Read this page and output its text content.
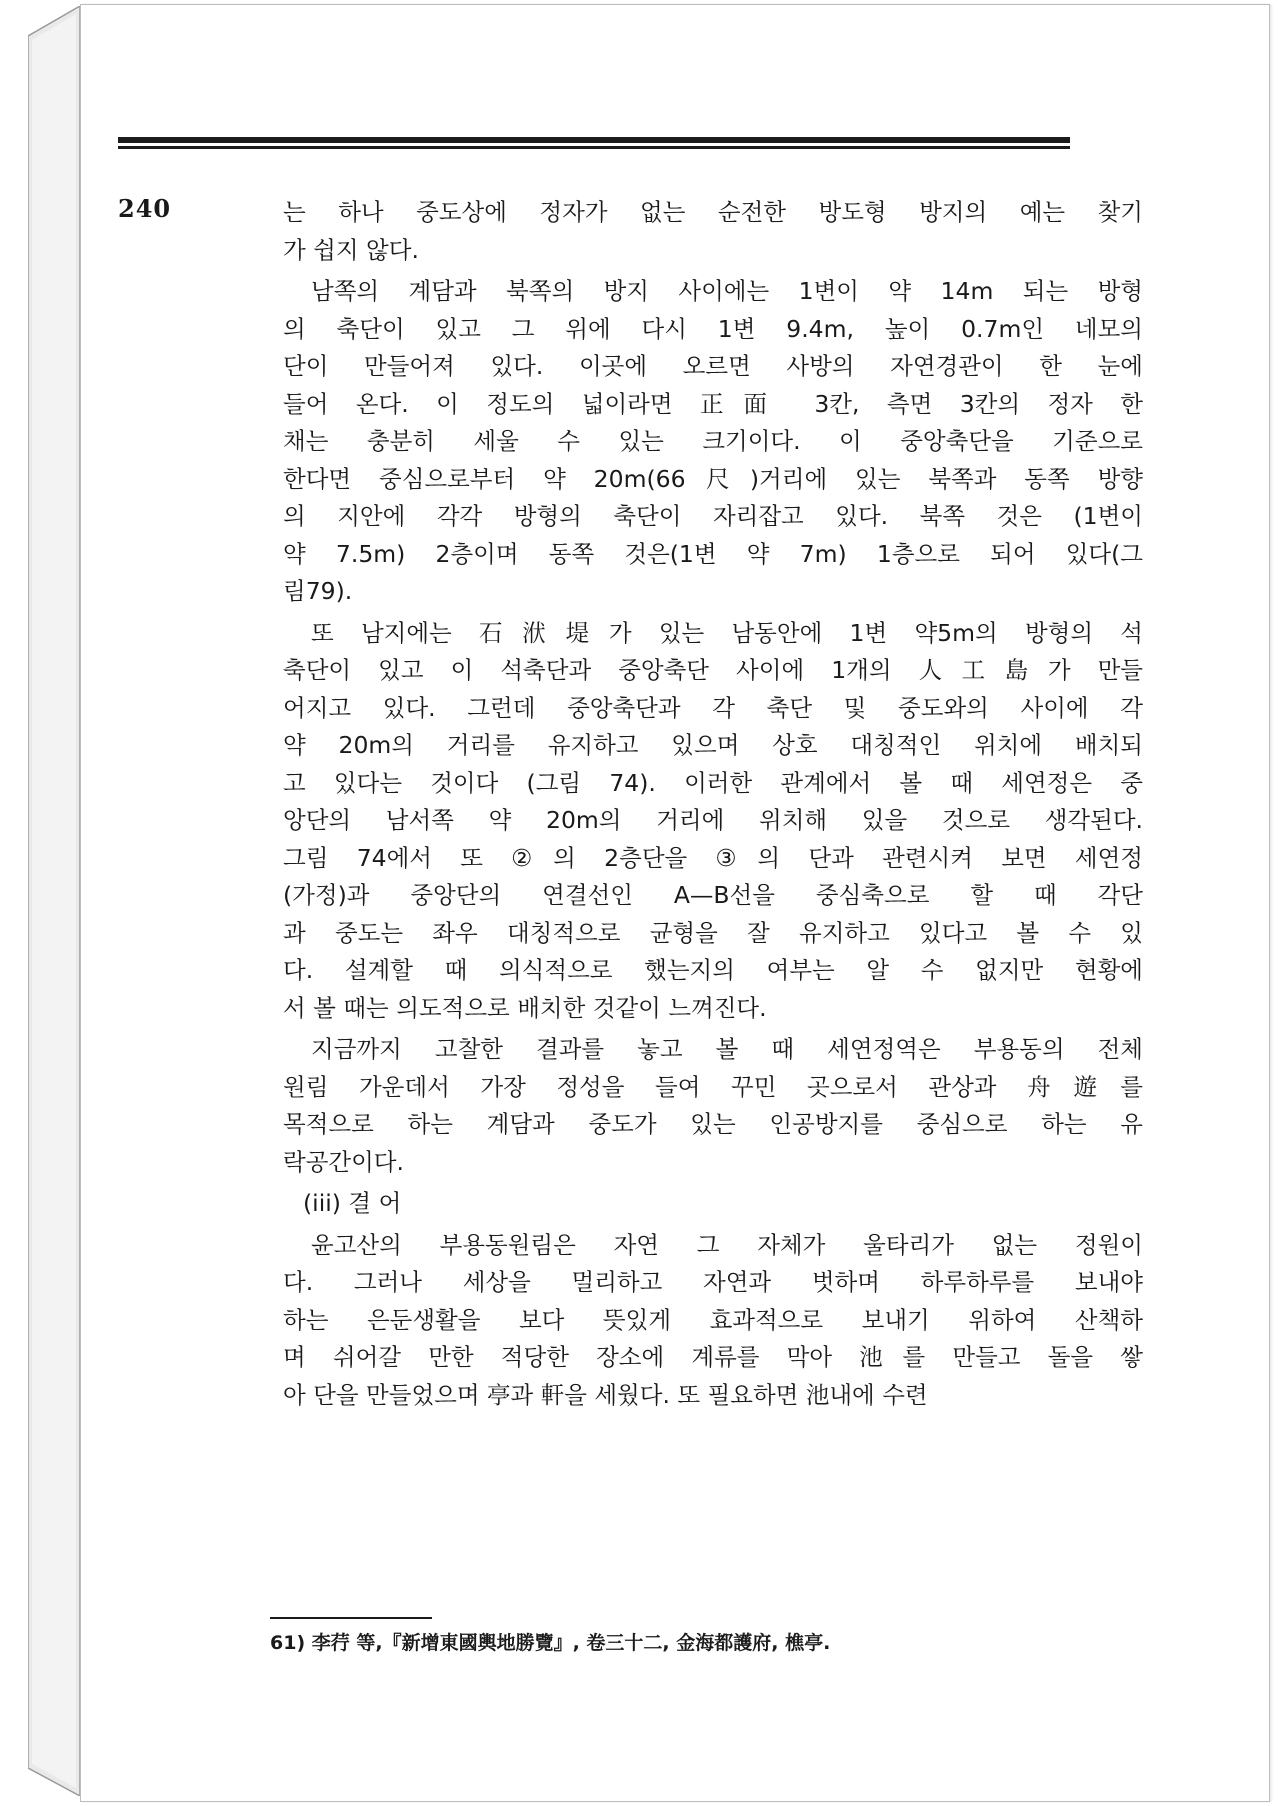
240	는 하나 중도상에 정자가 없는 순전한 방도형 방지의 예는 찾기
가 쉽지 않다.
남쪽의 계담과 북쪽의 방지 사이에는 1변이 약 14m 되는 방형
의 축단이 있고 그 위에 다시 1변 9.4m, 높이 0.7m인 네모의
단이 만들어져 있다. 이곳에 오르면 사방의 자연경관이 한 눈에
들어 온다. 이 정도의 넓이라면 正面 3칸, 측면 3칸의 정자 한
채는 충분히 세울 수 있는 크기이다. 이 중앙축단을 기준으로
한다면 중심으로부터 약 20m(66尺)거리에 있는 북쪽과 동쪽 방향
의 지안에 각각 방형의 축단이 자리잡고 있다. 북쪽 것은 (1변이
약 7.5m) 2층이며 동쪽 것은(1변 약 7m) 1층으로 되어 있다(그
림79).
또 남지에는 石洑堤가 있는 남동안에 1변 약5m의 방형의 석
축단이 있고 이 석축단과 중앙축단 사이에 1개의 人工島가 만들
어지고 있다. 그런데 중앙축단과 각 축단 및 중도와의 사이에 각
약 20m의 거리를 유지하고 있으며 상호 대칭적인 위치에 배치되
고 있다는 것이다 (그림 74). 이러한 관계에서 볼 때 세연정은 중
앙단의 남서쪽 약 20m의 거리에 위치해 있을 것으로 생각된다.
그림 74에서 또 ②의 2층단을 ③의 단과 관련시켜 보면 세연정
(가정)과 중앙단의 연결선인 A—B선을 중심축으로 할 때 각단
과 중도는 좌우 대칭적으로 균형을 잘 유지하고 있다고 볼 수 있
다. 설계할 때 의식적으로 했는지의 여부는 알 수 없지만 현황에
서 볼 때는 의도적으로 배치한 것같이 느껴진다.
지금까지 고찰한 결과를 놓고 볼 때 세연정역은 부용동의 전체
원림 가운데서 가장 정성을 들여 꾸민 곳으로서 관상과 舟遊를
목적으로 하는 계담과 중도가 있는 인공방지를 중심으로 하는 유
락공간이다.
(iii) 결 어
윤고산의 부용동원림은 자연 그 자체가 울타리가 없는 정원이
다. 그러나 세상을 멀리하고 자연과 벗하며 하루하루를 보내야
하는 은둔생활을 보다 뜻있게 효과적으로 보내기 위하여 산책하
며 쉬어갈 만한 적당한 장소에 계류를 막아 池를 만들고 돌을 쌓
아 단을 만들었으며 亭과 軒을 세웠다. 또 필요하면 池내에 수련
61) 李荇 等,『新增東國輿地勝覽』, 卷三十二, 金海都護府, 樵亭.
